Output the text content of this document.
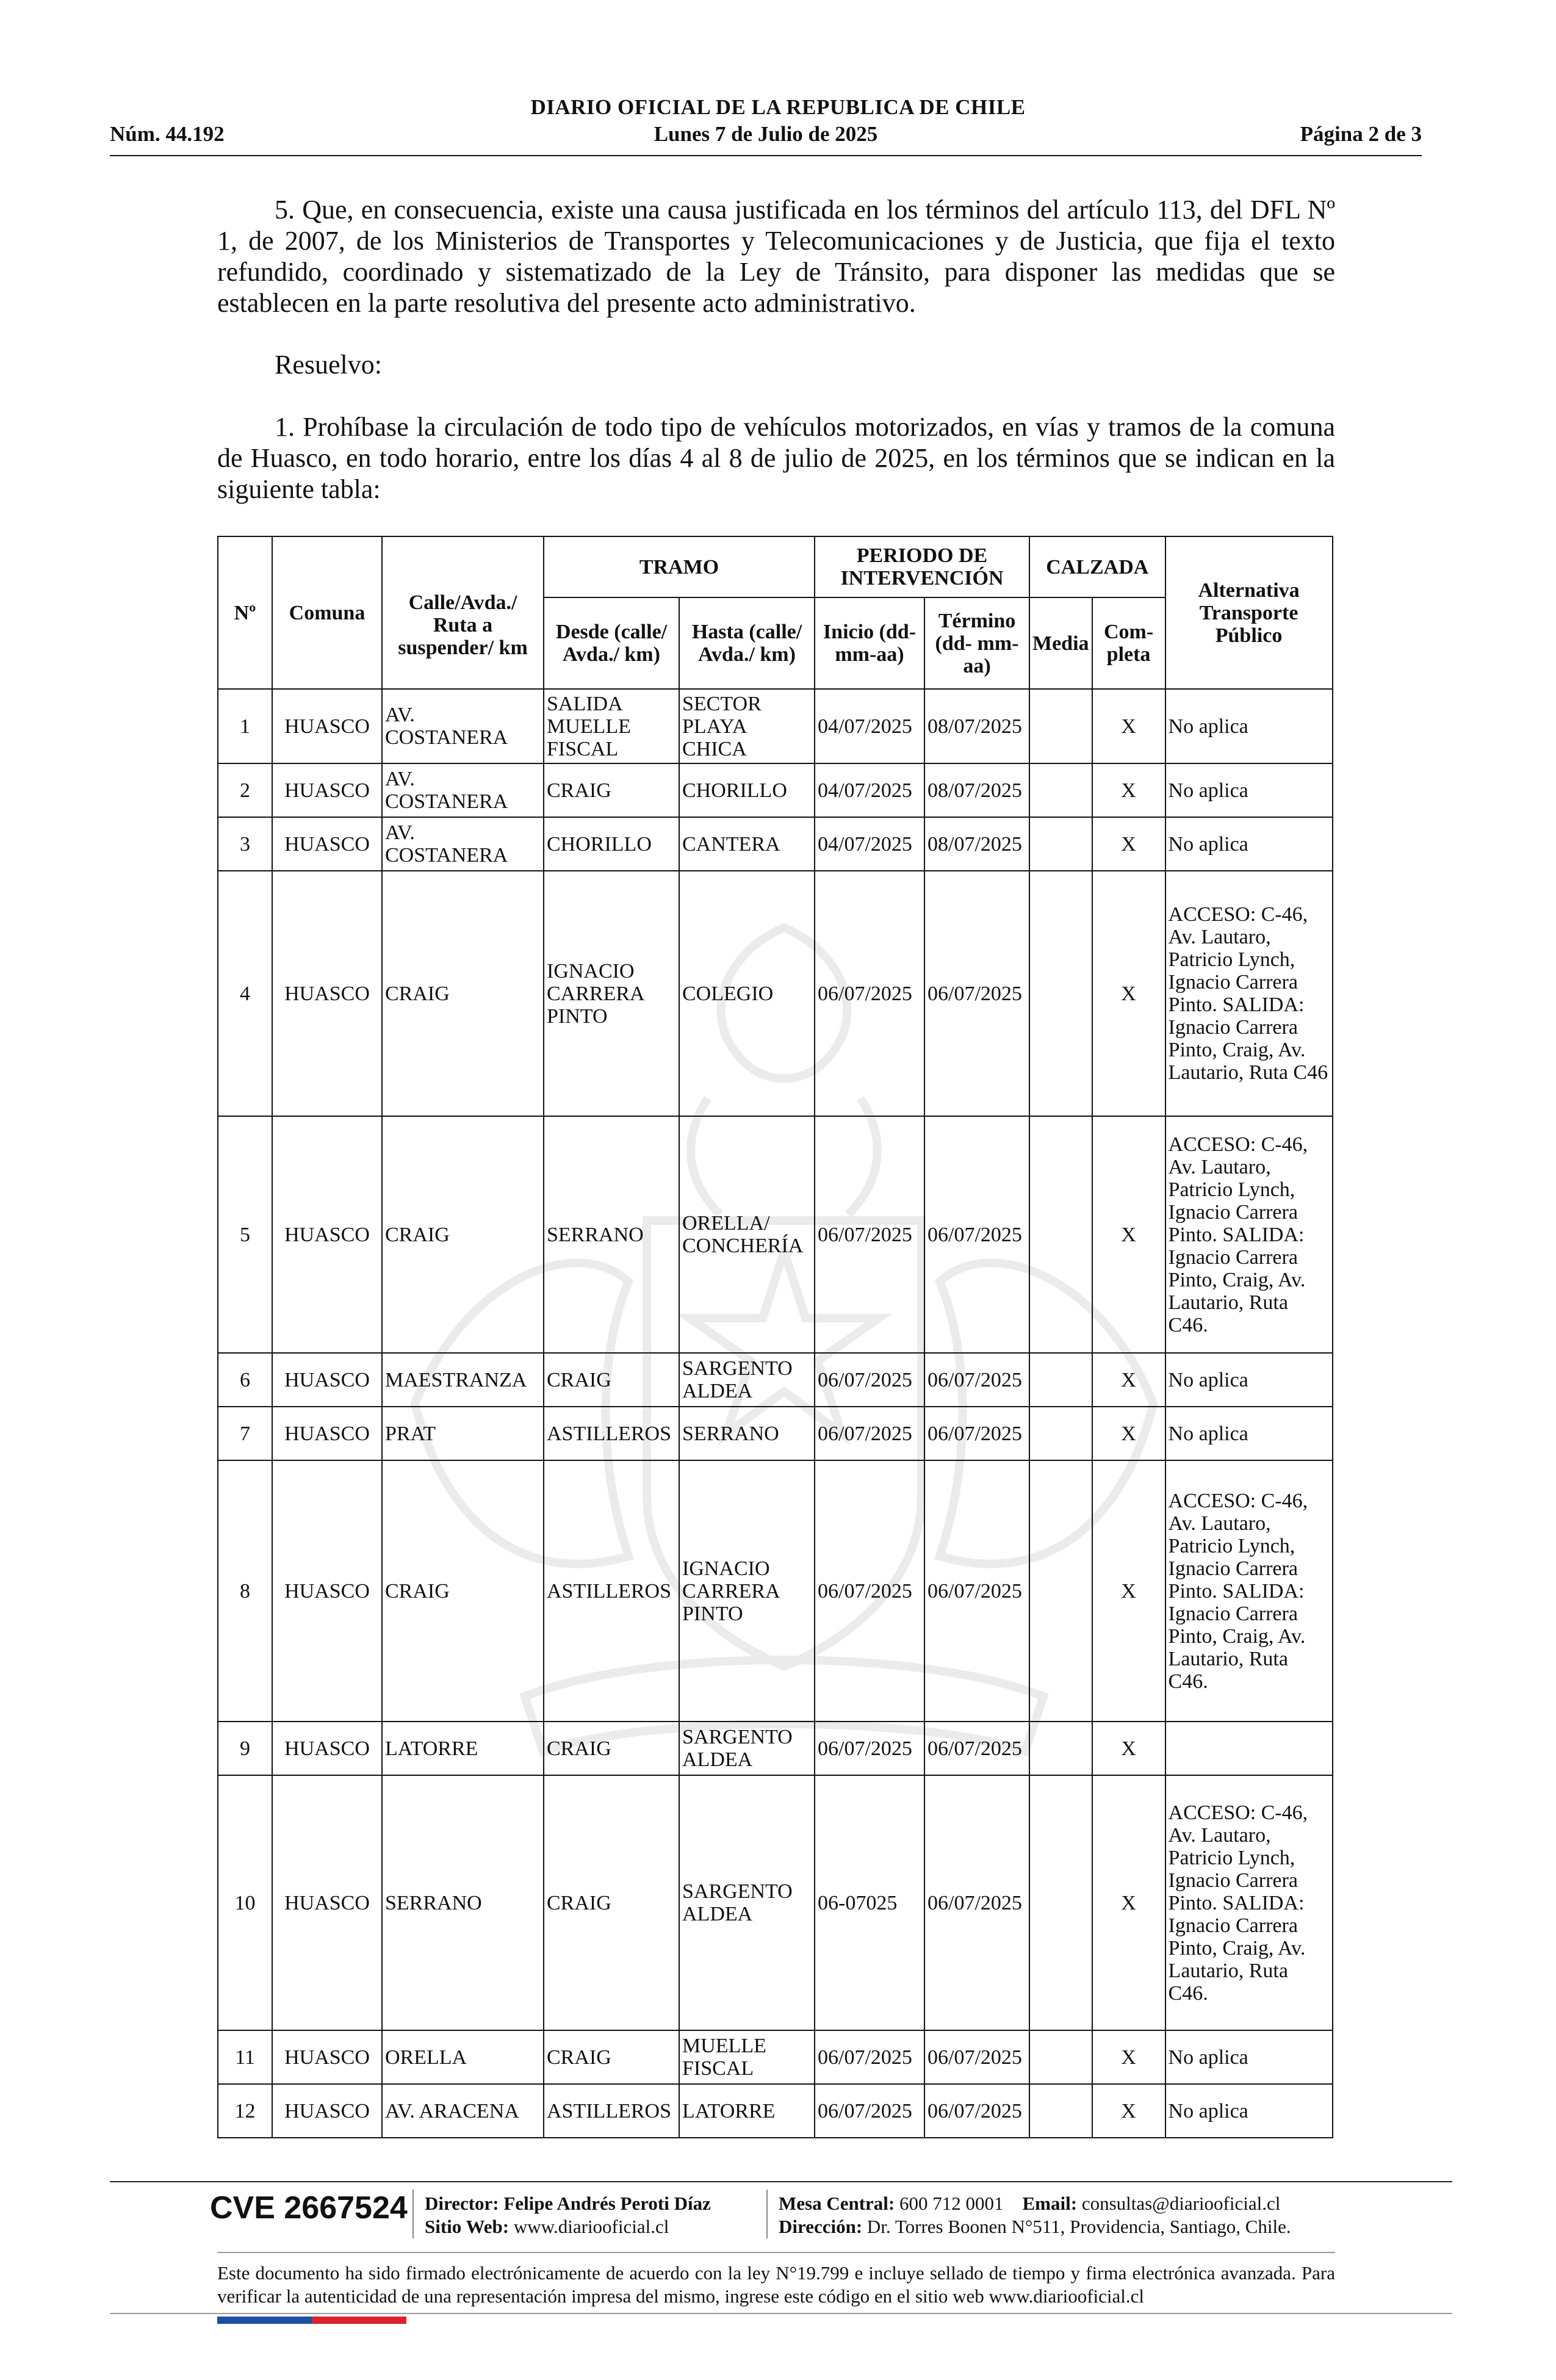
DIARIO OFICIAL DE LA REPUBLICA DE CHILE
Núm. 44.192	Lunes 7 de Julio de 2025	Página 2 de 3
5. Que, en consecuencia, existe una causa justificada en los términos del artículo 113, del DFL Nº 1, de 2007, de los Ministerios de Transportes y Telecomunicaciones y de Justicia, que fija el texto refundido, coordinado y sistematizado de la Ley de Tránsito, para disponer las medidas que se establecen en la parte resolutiva del presente acto administrativo.
Resuelvo:
1. Prohíbase la circulación de todo tipo de vehículos motorizados, en vías y tramos de la comuna de Huasco, en todo horario, entre los días 4 al 8 de julio de 2025, en los términos que se indican en la siguiente tabla:
Nº	Comuna	Calle/Avda./ Ruta a suspender/ km	TRAMO		PERIODO DE INTERVENCIÓN		CALZADA		Alternativa Transporte Público
			Desde (calle/ Avda./ km)	Hasta (calle/ Avda./ km)	Inicio (dd- mm-aa)	Término (dd- mm-aa)	Media	Com- pleta	
1	HUASCO	AV. COSTANERA	SALIDA MUELLE FISCAL	SECTOR PLAYA CHICA	04/07/2025	08/07/2025		X	No aplica
2	HUASCO	AV. COSTANERA	CRAIG	CHORILLO	04/07/2025	08/07/2025		X	No aplica
3	HUASCO	AV. COSTANERA	CHORILLO	CANTERA	04/07/2025	08/07/2025		X	No aplica
4	HUASCO	CRAIG	IGNACIO CARRERA PINTO	COLEGIO	06/07/2025	06/07/2025		X	ACCESO: C-46, Av. Lautaro, Patricio Lynch, Ignacio Carrera Pinto. SALIDA: Ignacio Carrera Pinto, Craig, Av. Lautario, Ruta C46
5	HUASCO	CRAIG	SERRANO	ORELLA/ CONCHERÍA	06/07/2025	06/07/2025		X	ACCESO: C-46, Av. Lautaro, Patricio Lynch, Ignacio Carrera Pinto. SALIDA: Ignacio Carrera Pinto, Craig, Av. Lautario, Ruta C46.
6	HUASCO	MAESTRANZA	CRAIG	SARGENTO ALDEA	06/07/2025	06/07/2025		X	No aplica
7	HUASCO	PRAT	ASTILLEROS	SERRANO	06/07/2025	06/07/2025		X	No aplica
8	HUASCO	CRAIG	ASTILLEROS	IGNACIO CARRERA PINTO	06/07/2025	06/07/2025		X	ACCESO: C-46, Av. Lautaro, Patricio Lynch, Ignacio Carrera Pinto. SALIDA: Ignacio Carrera Pinto, Craig, Av. Lautario, Ruta C46.
9	HUASCO	LATORRE	CRAIG	SARGENTO ALDEA	06/07/2025	06/07/2025		X	
10	HUASCO	SERRANO	CRAIG	SARGENTO ALDEA	06-07025	06/07/2025		X	ACCESO: C-46, Av. Lautaro, Patricio Lynch, Ignacio Carrera Pinto. SALIDA: Ignacio Carrera Pinto, Craig, Av. Lautario, Ruta C46.
11	HUASCO	ORELLA	CRAIG	MUELLE FISCAL	06/07/2025	06/07/2025		X	No aplica
12	HUASCO	AV. ARACENA	ASTILLEROS	LATORRE	06/07/2025	06/07/2025		X	No aplica
CVE 2667524 Director: Felipe Andrés Peroti Díaz
Sitio Web: www.diariooficial.cl
Mesa Central: 600 712 0001 Email: consultas@diariooficial.cl
Dirección: Dr. Torres Boonen N°511, Providencia, Santiago, Chile.
Este documento ha sido firmado electrónicamente de acuerdo con la ley N°19.799 e incluye sellado de tiempo y firma electrónica avanzada. Para verificar la autenticidad de una representación impresa del mismo, ingrese este código en el sitio web www.diariooficial.cl
